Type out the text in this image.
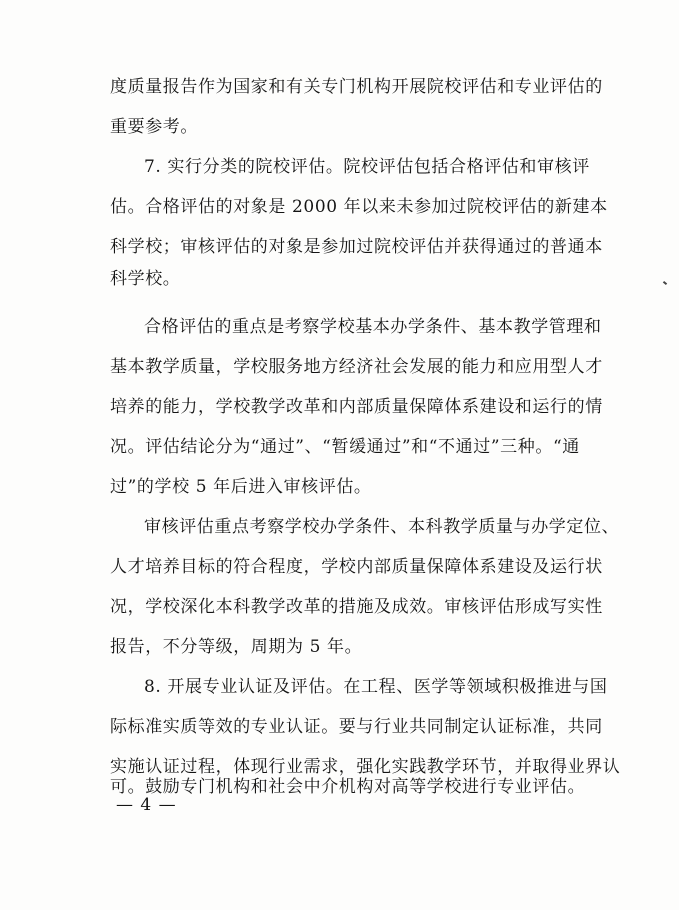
度质量报告作为国家和有关专门机构开展院校评估和专业评估的
重要参考。
7. 实行分类的院校评估。院校评估包括合格评估和审核评
估。合格评估的对象是 2000 年以来未参加过院校评估的新建本
科学校；审核评估的对象是参加过院校评估并获得通过的普通本
科学校。
合格评估的重点是考察学校基本办学条件、基本教学管理和
基本教学质量，学校服务地方经济社会发展的能力和应用型人才
培养的能力，学校教学改革和内部质量保障体系建设和运行的情
况。评估结论分为“通过”、“暂缓通过”和“不通过”三种。“通
过”的学校 5 年后进入审核评估。
审核评估重点考察学校办学条件、本科教学质量与办学定位、
人才培养目标的符合程度，学校内部质量保障体系建设及运行状
况，学校深化本科教学改革的措施及成效。审核评估形成写实性
报告，不分等级，周期为 5 年。
8. 开展专业认证及评估。在工程、医学等领域积极推进与国
际标准实质等效的专业认证。要与行业共同制定认证标准，共同
实施认证过程，体现行业需求，强化实践教学环节，并取得业界认
可。鼓励专门机构和社会中介机构对高等学校进行专业评估。
— 4 —
